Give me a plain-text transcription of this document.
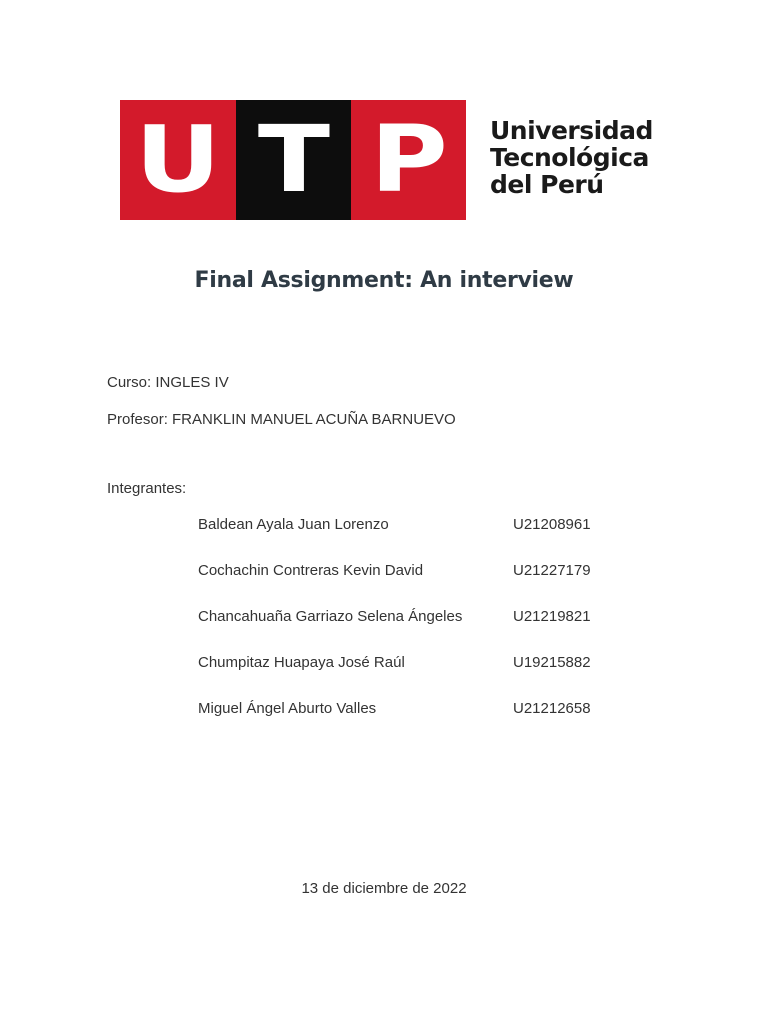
U T P	Universidad
Tecnológica
del Perú
Final Assignment: An interview
Curso: INGLES IV
Profesor: FRANKLIN MANUEL ACUÑA BARNUEVO
Integrantes:
Baldean Ayala Juan Lorenzo	U21208961
Cochachin Contreras Kevin David	U21227179
Chancahuaña Garriazo Selena Ángeles	U21219821
Chumpitaz Huapaya José Raúl	U19215882
Miguel Ángel Aburto Valles	U21212658
13 de diciembre de 2022
